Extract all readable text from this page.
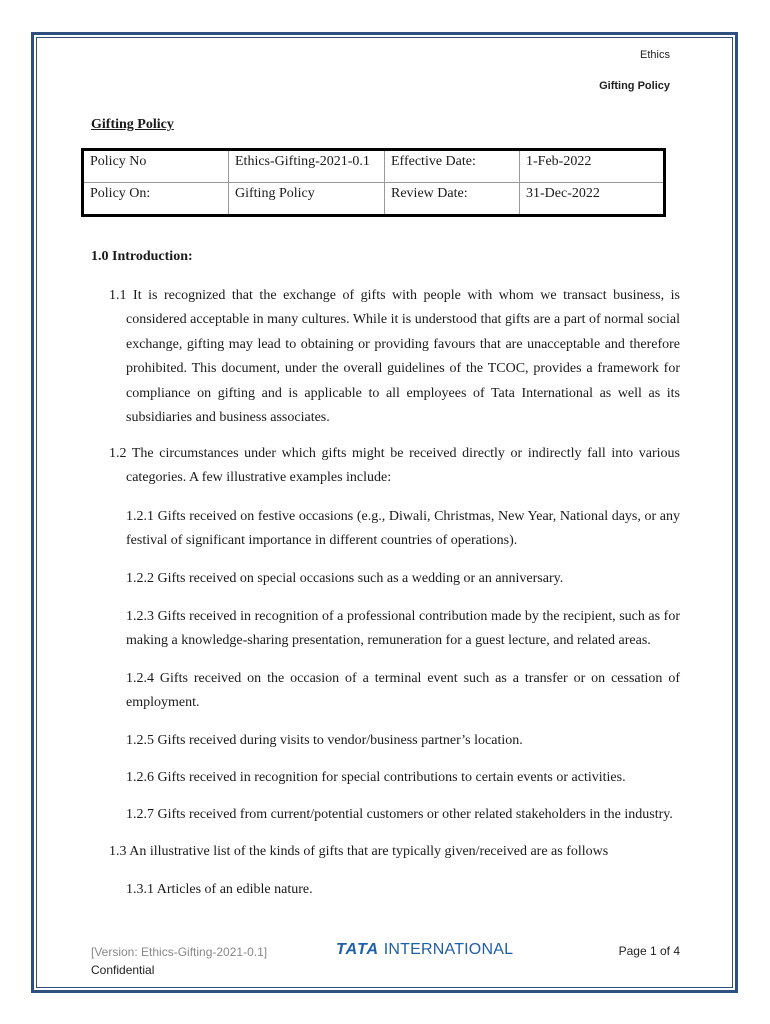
Ethics
Gifting Policy
Gifting Policy
Policy No	Ethics-Gifting-2021-0.1	Effective Date:	1-Feb-2022
Policy On:	Gifting Policy	Review Date:	31-Dec-2022
1.0 Introduction:

1.1 It is recognized that the exchange of gifts with people with whom we transact business, is considered acceptable in many cultures. While it is understood that gifts are a part of normal social exchange, gifting may lead to obtaining or providing favours that are unacceptable and therefore prohibited. This document, under the overall guidelines of the TCOC, provides a framework for compliance on gifting and is applicable to all employees of Tata International as well as its subsidiaries and business associates.

1.2 The circumstances under which gifts might be received directly or indirectly fall into various categories. A few illustrative examples include:

1.2.1 Gifts received on festive occasions (e.g., Diwali, Christmas, New Year, National days, or any festival of significant importance in different countries of operations).

1.2.2 Gifts received on special occasions such as a wedding or an anniversary.

1.2.3 Gifts received in recognition of a professional contribution made by the recipient, such as for making a knowledge-sharing presentation, remuneration for a guest lecture, and related areas.

1.2.4 Gifts received on the occasion of a terminal event such as a transfer or on cessation of employment.

1.2.5 Gifts received during visits to vendor/business partner’s location.

1.2.6 Gifts received in recognition for special contributions to certain events or activities.

1.2.7 Gifts received from current/potential customers or other related stakeholders in the industry.

1.3 An illustrative list of the kinds of gifts that are typically given/received are as follows

1.3.1 Articles of an edible nature.

[Version: Ethics-Gifting-2021-0.1]
Confidential
TATA INTERNATIONAL	Page 1 of 4
